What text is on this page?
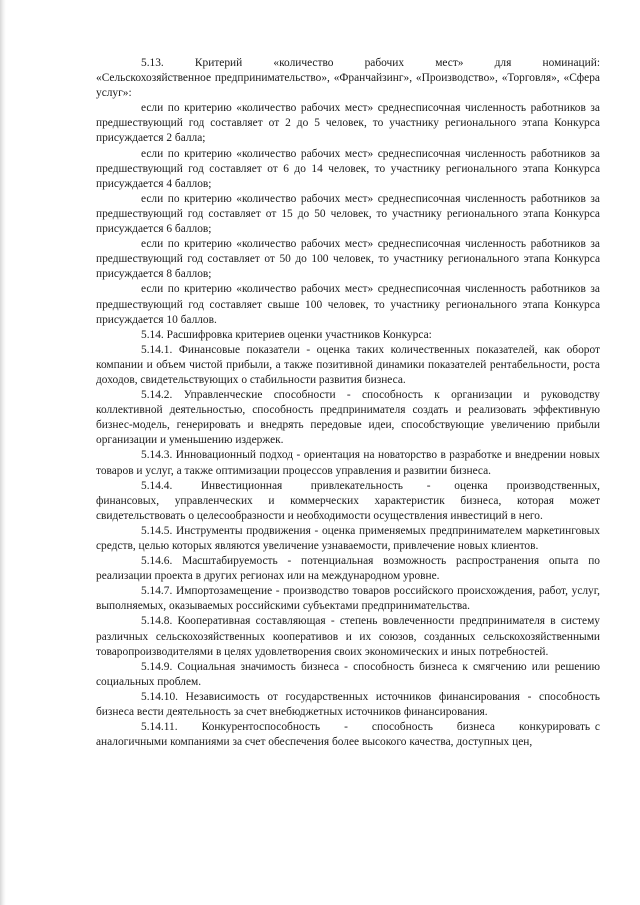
5.13.       Критерий       «количество       рабочих       мест»       для       номинаций: «Сельскохозяйственное предпринимательство», «Франчайзинг», «Производство», «Торговля», «Сфера услуг»:

если по критерию «количество рабочих мест» среднесписочная численность работников за предшествующий год составляет от 2 до 5 человек, то участнику регионального этапа Конкурса присуждается 2 балла;

если по критерию «количество рабочих мест» среднесписочная численность работников за предшествующий год составляет от 6 до 14 человек, то участнику регионального этапа Конкурса присуждается 4 баллов;

если по критерию «количество рабочих мест» среднесписочная численность работников за предшествующий год составляет от 15 до 50 человек, то участнику регионального этапа Конкурса присуждается 6 баллов;

если по критерию «количество рабочих мест» среднесписочная численность работников за предшествующий год составляет от 50 до 100 человек, то участнику регионального этапа Конкурса присуждается 8 баллов;

если по критерию «количество рабочих мест» среднесписочная численность работников за предшествующий год составляет свыше 100 человек, то участнику регионального этапа Конкурса присуждается 10 баллов.

5.14. Расшифровка критериев оценки участников Конкурса:

5.14.1. Финансовые показатели - оценка таких количественных показателей, как оборот компании и объем чистой прибыли, а также позитивной динамики показателей рентабельности, роста доходов, свидетельствующих о стабильности развития бизнеса.

5.14.2. Управленческие способности - способность к организации и руководству коллективной деятельностью, способность предпринимателя создать и реализовать эффективную бизнес-модель, генерировать и внедрять передовые идеи, способствующие увеличению прибыли организации и уменьшению издержек.

5.14.3. Инновационный подход - ориентация на новаторство в разработке и внедрении новых товаров и услуг, а также оптимизации процессов управления и развитии бизнеса.

5.14.4.      Инвестиционная      привлекательность     -     оценка    производственных, финансовых, управленческих и коммерческих характеристик бизнеса, которая может свидетельствовать о целесообразности и необходимости осуществления инвестиций в него.

5.14.5. Инструменты продвижения - оценка применяемых предпринимателем маркетинговых средств, целью которых являются увеличение узнаваемости, привлечение новых клиентов.

5.14.6. Масштабируемость - потенциальная возможность распространения опыта по реализации проекта в других регионах или на международном уровне.

5.14.7. Импортозамещение - производство товаров российского происхождения, работ, услуг, выполняемых, оказываемых российскими субъектами предпринимательства.

5.14.8. Кооперативная составляющая - степень вовлеченности предпринимателя в систему различных сельскохозяйственных кооперативов и их союзов, созданных сельскохозяйственными товаропроизводителями в целях удовлетворения своих экономических и иных потребностей.

5.14.9. Социальная значимость бизнеса - способность бизнеса к смягчению или решению социальных проблем.

5.14.10. Независимость от государственных источников финансирования - способность бизнеса вести деятельность за счет внебюджетных источников финансирования.

5.14.11.     Конкурентоспособность     -     способность     бизнеса     конкурировать с аналогичными компаниями за счет обеспечения более высокого качества, доступных цен,
